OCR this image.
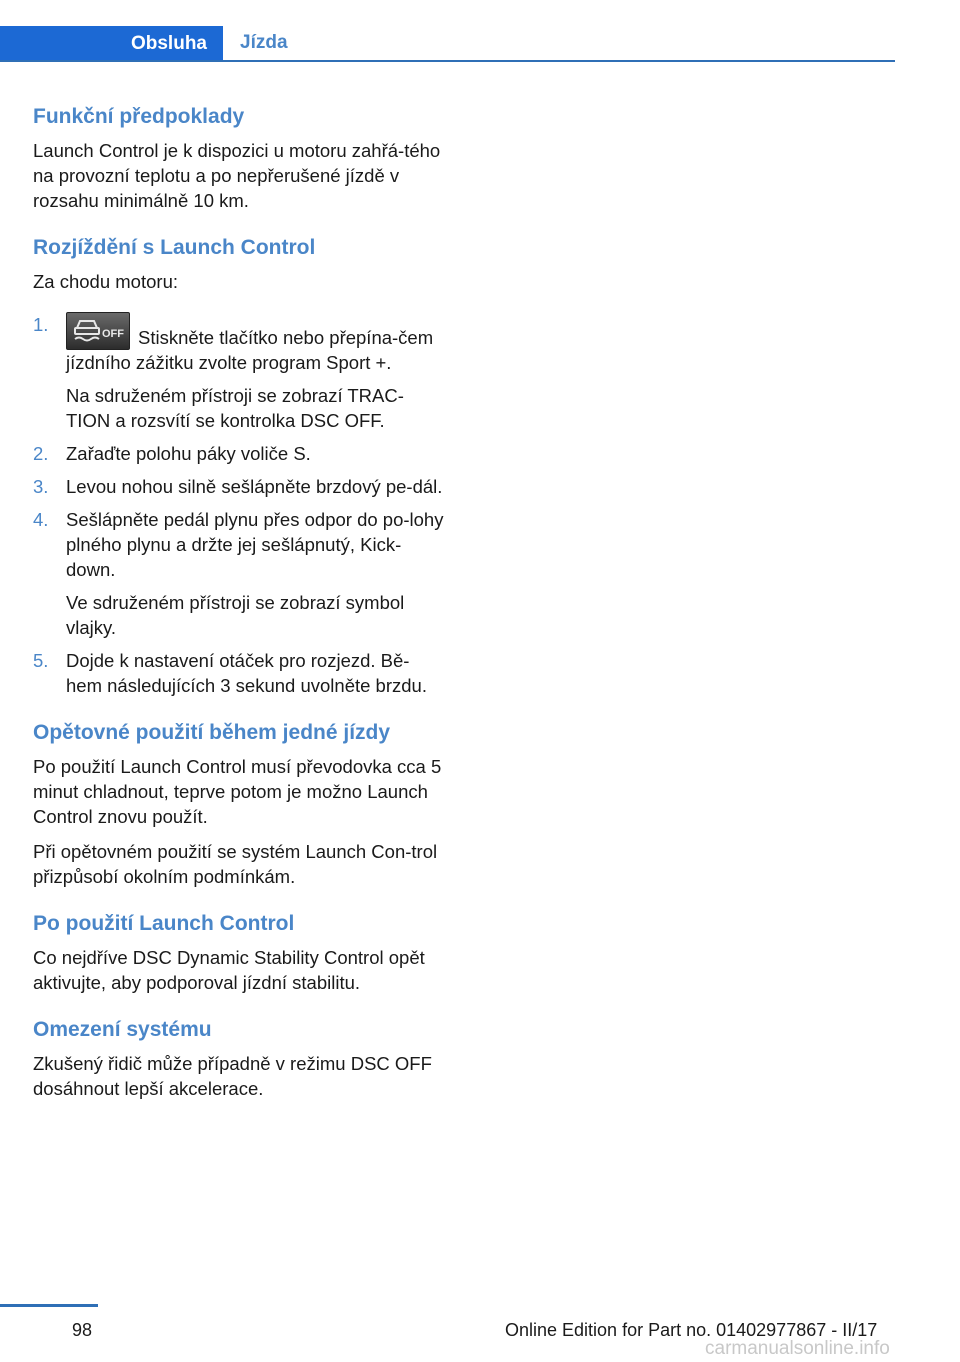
Obsluha	Jízda
Funkční předpoklady

Launch Control je k dispozici u motoru zahřá‐tého na provozní teplotu a po nepřerušené jízdě v rozsahu minimálně 10 km.

Rozjíždění s Launch Control

Za chodu motoru:

1.	OFF Stiskněte tlačítko nebo přepína‐čem jízdního zážitku zvolte program Sport +.

Na sdruženém přístroji se zobrazí TRAC‐TION a rozsvítí se kontrolka DSC OFF.

2. Zařaďte polohu páky voliče S.

3. Levou nohou silně sešlápněte brzdový pe‐dál.

4. Sešlápněte pedál plynu přes odpor do po‐lohy plného plynu a držte jej sešlápnutý, Kick-down.

Ve sdruženém přístroji se zobrazí symbol vlajky.

5. Dojde k nastavení otáček pro rozjezd. Bě‐hem následujících 3 sekund uvolněte brzdu.

Opětovné použití během jedné jízdy

Po použití Launch Control musí převodovka cca 5 minut chladnout, teprve potom je možno Launch Control znovu použít.

Při opětovném použití se systém Launch Con‐trol přizpůsobí okolním podmínkám.

Po použití Launch Control

Co nejdříve DSC Dynamic Stability Control opět aktivujte, aby podporoval jízdní stabilitu.

Omezení systému

Zkušený řidič může případně v režimu DSC OFF dosáhnout lepší akcelerace.

98	Online Edition for Part no. 01402977867 - II/17
carmanualsonline.info
